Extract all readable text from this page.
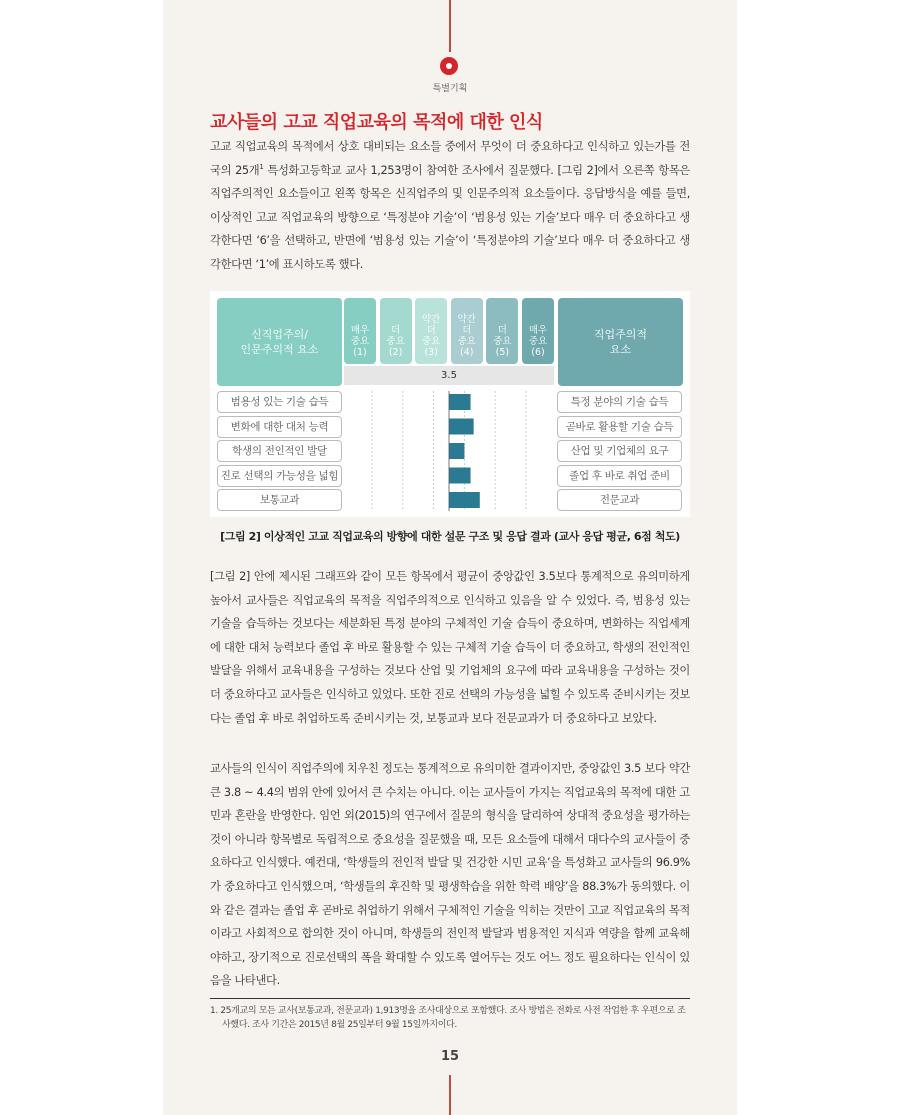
특별기획
교사들의 고교 직업교육의 목적에 대한 인식

고교 직업교육의 목적에서 상호 대비되는 요소들 중에서 무엇이 더 중요하다고 인식하고 있는가를 전국의 25개$^1$ 특성화고등학교 교사 1,253명이 참여한 조사에서 질문했다. [그림 2]에서 오른쪽 항목은 직업주의적인 요소들이고 왼쪽 항목은 신직업주의 및 인문주의적 요소들이다. 응답방식을 예를 들면, 이상적인 고교 직업교육의 방향으로 ‘특정분야 기술’이 ‘범용성 있는 기술’보다 매우 더 중요하다고 생각한다면 ‘6’을 선택하고, 반면에 ‘범용성 있는 기술’이 ‘특정분야의 기술’보다 매우 더 중요하다고 생각한다면 ‘1’에 표시하도록 했다.

신직업주의/
인문주의적 요소
직업주의적
요소
매우
중요
(1)
더
중요
(2)
약간
더
중요
(3)
약간
더
중요
(4)
더
중요
(5)
매우
중요
(6)
3.5
범용성 있는 기술 습득
변화에 대한 대처 능력
학생의 전인적인 발달
진로 선택의 가능성을 넓힘
보통교과
특정 분야의 기술 습득
곧바로 활용할 기술 습득
산업 및 기업체의 요구
졸업 후 바로 취업 준비
전문교과
[그림 2] 이상적인 고교 직업교육의 방향에 대한 설문 구조 및 응답 결과 (교사 응답 평균, 6점 척도)

[그림 2] 안에 제시된 그래프와 같이 모든 항목에서 평균이 중앙값인 3.5보다 통계적으로 유의미하게 높아서 교사들은 직업교육의 목적을 직업주의적으로 인식하고 있음을 알 수 있었다. 즉, 범용성 있는 기술을 습득하는 것보다는 세분화된 특정 분야의 구체적인 기술 습득이 중요하며, 변화하는 직업세계에 대한 대처 능력보다 졸업 후 바로 활용할 수 있는 구체적 기술 습득이 더 중요하고, 학생의 전인적인 발달을 위해서 교육내용을 구성하는 것보다 산업 및 기업체의 요구에 따라 교육내용을 구성하는 것이 더 중요하다고 교사들은 인식하고 있었다. 또한 진로 선택의 가능성을 넓힐 수 있도록 준비시키는 것보다는 졸업 후 바로 취업하도록 준비시키는 것, 보통교과 보다 전문교과가 더 중요하다고 보았다.

교사들의 인식이 직업주의에 치우친 정도는 통계적으로 유의미한 결과이지만, 중앙값인 3.5 보다 약간 큰 3.8 ~ 4.4의 범위 안에 있어서 큰 수치는 아니다. 이는 교사들이 가지는 직업교육의 목적에 대한 고민과 혼란을 반영한다. 임언 외(2015)의 연구에서 질문의 형식을 달리하여 상대적 중요성을 평가하는 것이 아니라 항목별로 독립적으로 중요성을 질문했을 때, 모든 요소들에 대해서 대다수의 교사들이 중요하다고 인식했다. 예컨대, ‘학생들의 전인적 발달 및 건강한 시민 교육’을 특성화고 교사들의 96.9%가 중요하다고 인식했으며, ‘학생들의 후진학 및 평생학습을 위한 학력 배양’을 88.3%가 동의했다. 이와 같은 결과는 졸업 후 곧바로 취업하기 위해서 구체적인 기술을 익히는 것만이 고교 직업교육의 목적이라고 사회적으로 합의한 것이 아니며, 학생들의 전인적 발달과 범용적인 지식과 역량을 함께 교육해야하고, 장기적으로 진로선택의 폭을 확대할 수 있도록 열어두는 것도 어느 정도 필요하다는 인식이 있음을 나타낸다.

1. 25개교의 모든 교사(보통교과, 전문교과) 1,913명을 조사대상으로 포함했다. 조사 방법은 전화로 사전 작업한 후 우편으로 조사했다. 조사 기간은 2015년 8월 25일부터 9월 15일까지이다.
15
